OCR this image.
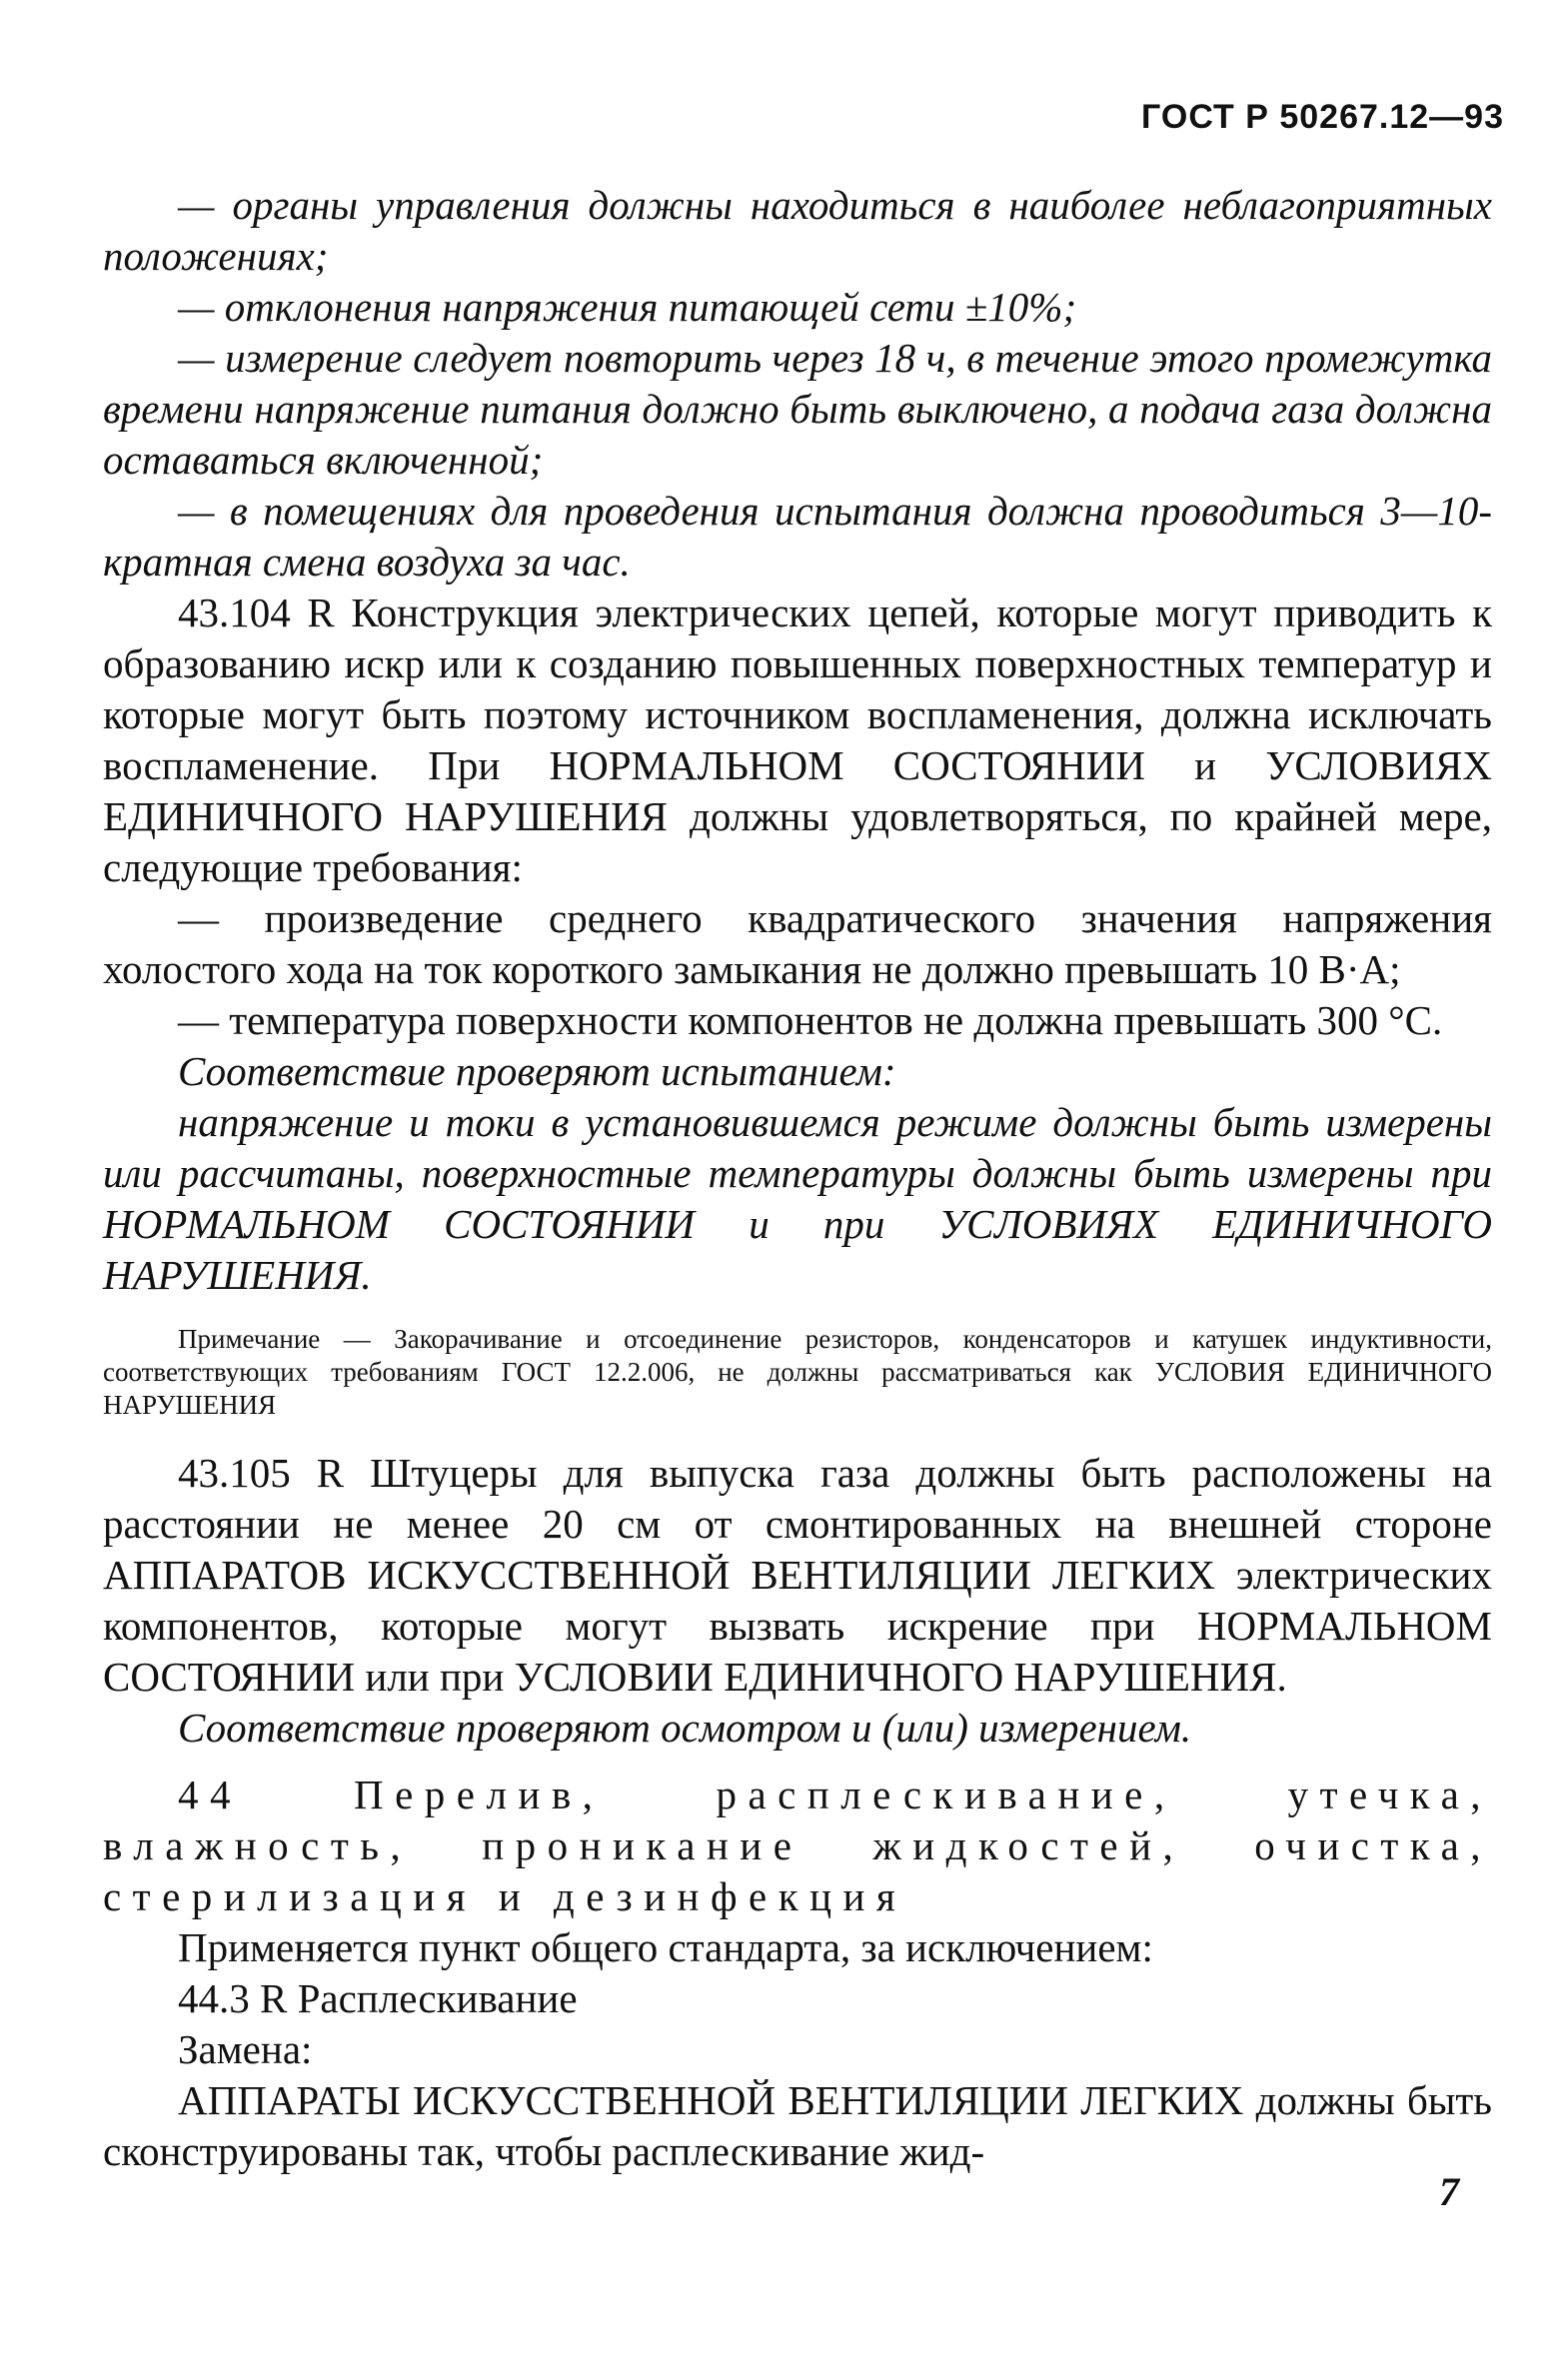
ГОСТ Р 50267.12—93

— органы управления должны находиться в наиболее неблагоприятных положениях;

— отклонения напряжения питающей сети ±10%;

— измерение следует повторить через 18 ч, в течение этого промежутка времени напряжение питания должно быть выключено, а подача газа должна оставаться включенной;

— в помещениях для проведения испытания должна проводиться 3—10-кратная смена воздуха за час.

43.104 R Конструкция электрических цепей, которые могут приводить к образованию искр или к созданию повышенных поверхностных температур и которые могут быть поэтому источником воспламенения, должна исключать воспламенение. При НОРМАЛЬНОМ СОСТОЯНИИ и УСЛОВИЯХ ЕДИНИЧНОГО НАРУШЕНИЯ должны удовлетворяться, по крайней мере, следующие требования:

— произведение среднего квадратического значения напряжения холостого хода на ток короткого замыкания не должно превышать 10 В·А;

— температура поверхности компонентов не должна превышать 300 °С.

Соответствие проверяют испытанием:

напряжение и токи в установившемся режиме должны быть измерены или рассчитаны, поверхностные температуры должны быть измерены при НОРМАЛЬНОМ СОСТОЯНИИ и при УСЛОВИЯХ ЕДИНИЧНОГО НАРУШЕНИЯ.

Примечание — Закорачивание и отсоединение резисторов, конденсаторов и катушек индуктивности, соответствующих требованиям ГОСТ 12.2.006, не должны рассматриваться как УСЛОВИЯ ЕДИНИЧНОГО НАРУШЕНИЯ

43.105 R Штуцеры для выпуска газа должны быть расположены на расстоянии не менее 20 см от смонтированных на внешней стороне АППАРАТОВ ИСКУССТВЕННОЙ ВЕНТИЛЯЦИИ ЛЕГКИХ электрических компонентов, которые могут вызвать искрение при НОРМАЛЬНОМ СОСТОЯНИИ или при УСЛОВИИ ЕДИНИЧНОГО НАРУШЕНИЯ.

Соответствие проверяют осмотром и (или) измерением.

44 Перелив, расплескивание, утечка, влажность, проникание жидкостей, очистка, стерилизация и дезинфекция

Применяется пункт общего стандарта, за исключением:

44.3 R Расплескивание

Замена:

АППАРАТЫ ИСКУССТВЕННОЙ ВЕНТИЛЯЦИИ ЛЕГКИХ должны быть сконструированы так, чтобы расплескивание жид-

7
